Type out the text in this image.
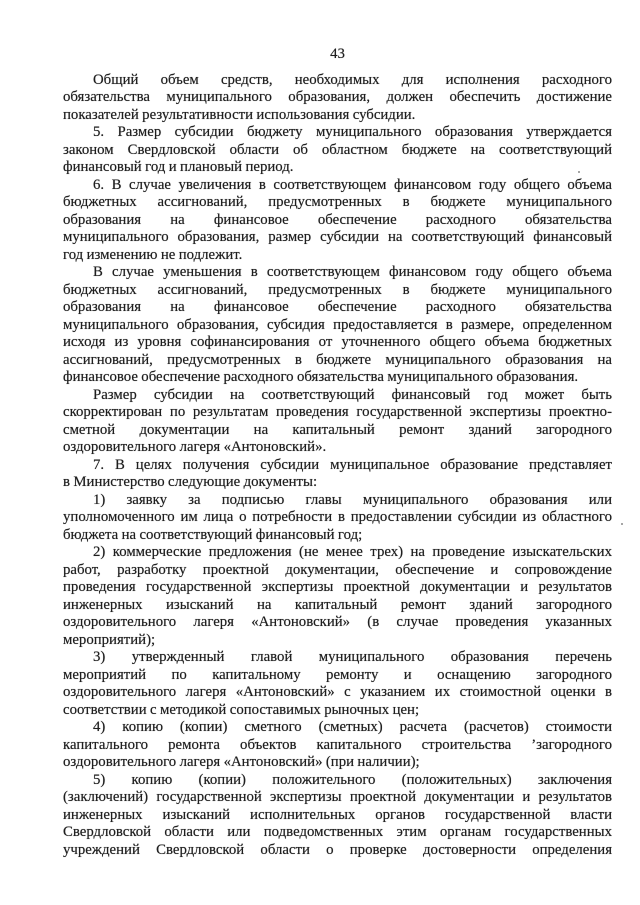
43
Общий объем средств, необходимых для исполнения расходного
обязательства муниципального образования, должен обеспечить достижение
показателей результативности использования субсидии.
5. Размер субсидии бюджету муниципального образования утверждается
законом Свердловской области об областном бюджете на соответствующий
финансовый год и плановый период.
6. В случае увеличения в соответствующем финансовом году общего объема
бюджетных ассигнований, предусмотренных в бюджете муниципального
образования на финансовое обеспечение расходного обязательства
муниципального образования, размер субсидии на соответствующий финансовый
год изменению не подлежит.
В случае уменьшения в соответствующем финансовом году общего объема
бюджетных ассигнований, предусмотренных в бюджете муниципального
образования на финансовое обеспечение расходного обязательства
муниципального образования, субсидия предоставляется в размере, определенном
исходя из уровня софинансирования от уточненного общего объема бюджетных
ассигнований, предусмотренных в бюджете муниципального образования на
финансовое обеспечение расходного обязательства муниципального образования.
Размер субсидии на соответствующий финансовый год может быть
скорректирован по результатам проведения государственной экспертизы проектно-
сметной документации на капитальный ремонт зданий загородного
оздоровительного лагеря «Антоновский».
7. В целях получения субсидии муниципальное образование представляет
в Министерство следующие документы:
1) заявку за подписью главы муниципального образования или
уполномоченного им лица о потребности в предоставлении субсидии из областного
бюджета на соответствующий финансовый год;
2) коммерческие предложения (не менее трех) на проведение изыскательских
работ, разработку проектной документации, обеспечение и сопровождение
проведения государственной экспертизы проектной документации и результатов
инженерных изысканий на капитальный ремонт зданий загородного
оздоровительного лагеря «Антоновский» (в случае проведения указанных
мероприятий);
3) утвержденный главой муниципального образования перечень
мероприятий по капитальному ремонту и оснащению загородного
оздоровительного лагеря «Антоновский» с указанием их стоимостной оценки в
соответствии с методикой сопоставимых рыночных цен;
4) копию (копии) сметного (сметных) расчета (расчетов) стоимости
капитального ремонта объектов капитального строительства ’загородного
оздоровительного лагеря «Антоновский» (при наличии);
5) копию (копии) положительного (положительных) заключения
(заключений) государственной экспертизы проектной документации и результатов
инженерных изысканий исполнительных органов государственной власти
Свердловской области или подведомственных этим органам государственных
учреждений Свердловской области о проверке достоверности определения
